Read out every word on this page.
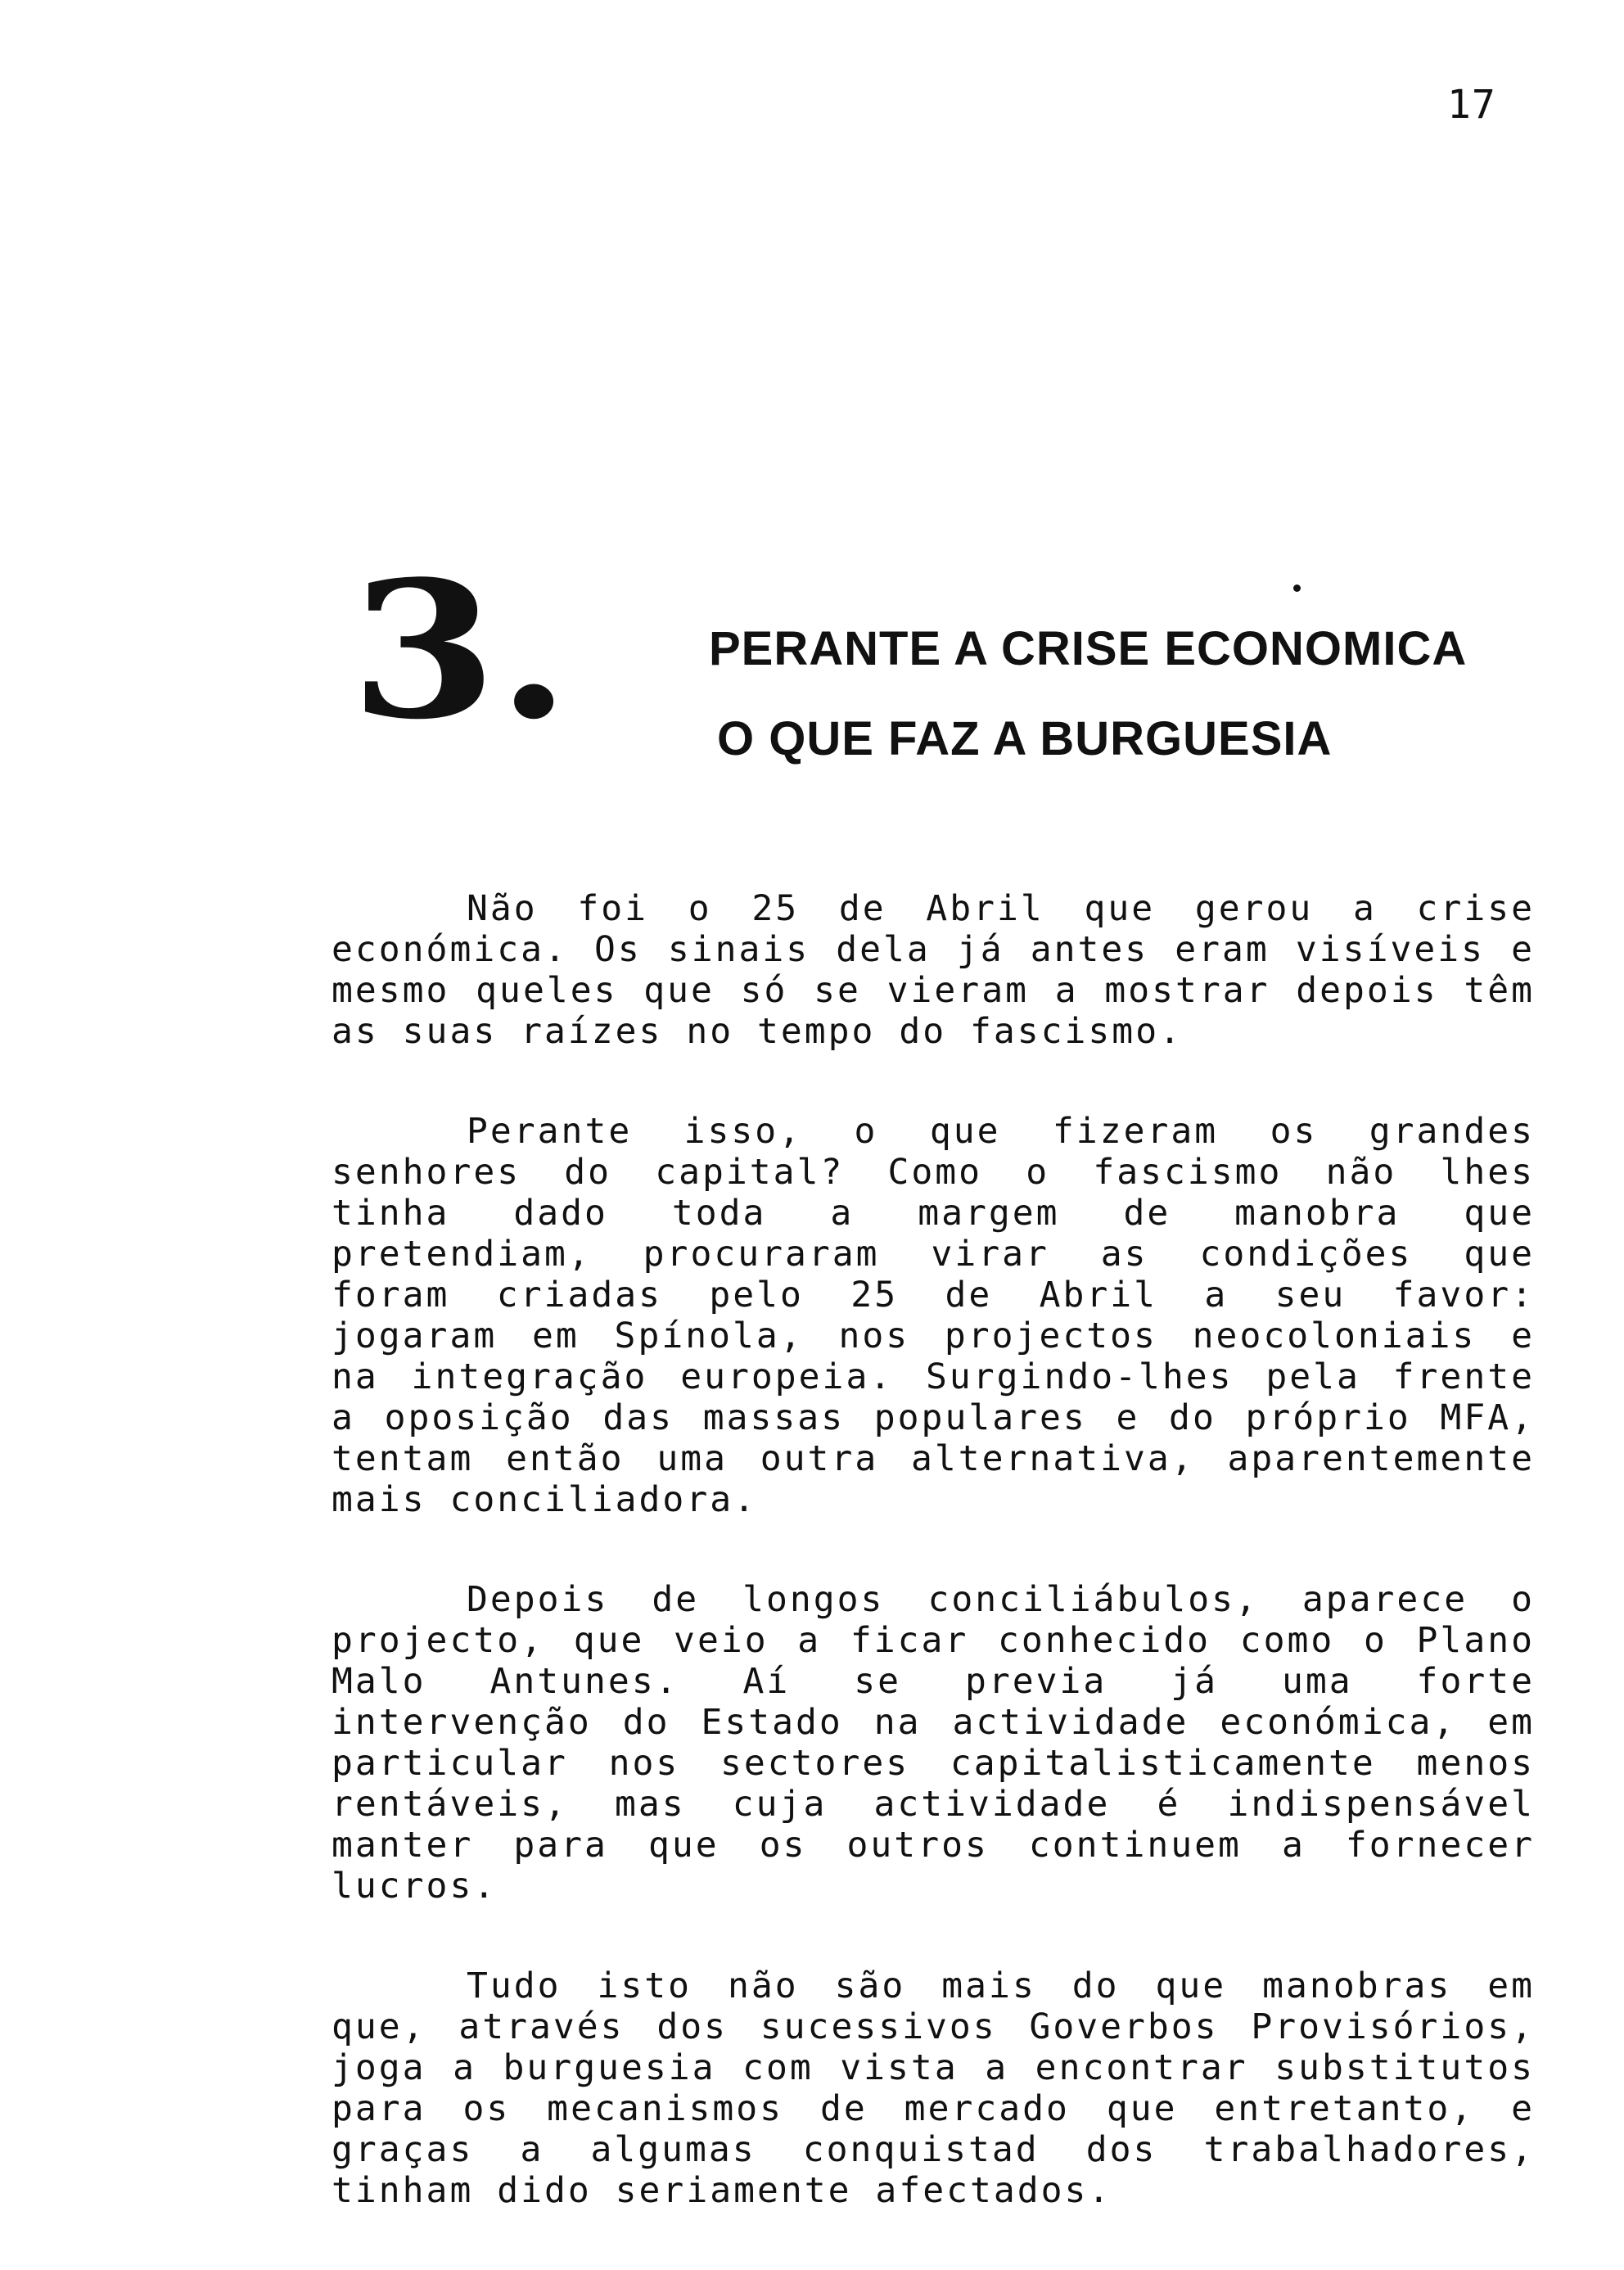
17
3.	PERANTE A CRISE ECONOMICA
O QUE FAZ A BURGUESIA

Não foi o 25 de Abril que gerou a crise económica. Os sinais dela já antes eram visíveis e mesmo queles que só se vieram a mostrar depois têm as suas raízes no tempo do fascismo.

Perante isso, o que fizeram os grandes senhores do capital? Como o fascismo não lhes tinha dado toda a margem de manobra que pretendiam, procuraram virar as condições que foram criadas pelo 25 de Abril a seu favor: jogaram em Spínola, nos projectos neocoloniais e na integração europeia. Surgindo-lhes pela frente a oposição das massas populares e do próprio MFA, tentam então uma outra alternativa, aparentemente mais conciliadora.

Depois de longos conciliábulos, aparece o projecto, que veio a ficar conhecido como o Plano Malo Antunes. Aí se previa já uma forte intervenção do Estado na actividade económica, em particular nos sectores capitalisticamente menos rentáveis, mas cuja actividade é indispensável manter para que os outros continuem a fornecer lucros.

Tudo isto não são mais do que manobras em que, através dos sucessivos Goverbos Provisórios, joga a burguesia com vista a encontrar substitutos para os mecanismos de mercado que entretanto, e graças a algumas conquistad dos trabalhadores, tinham dido seriamente afectados.
